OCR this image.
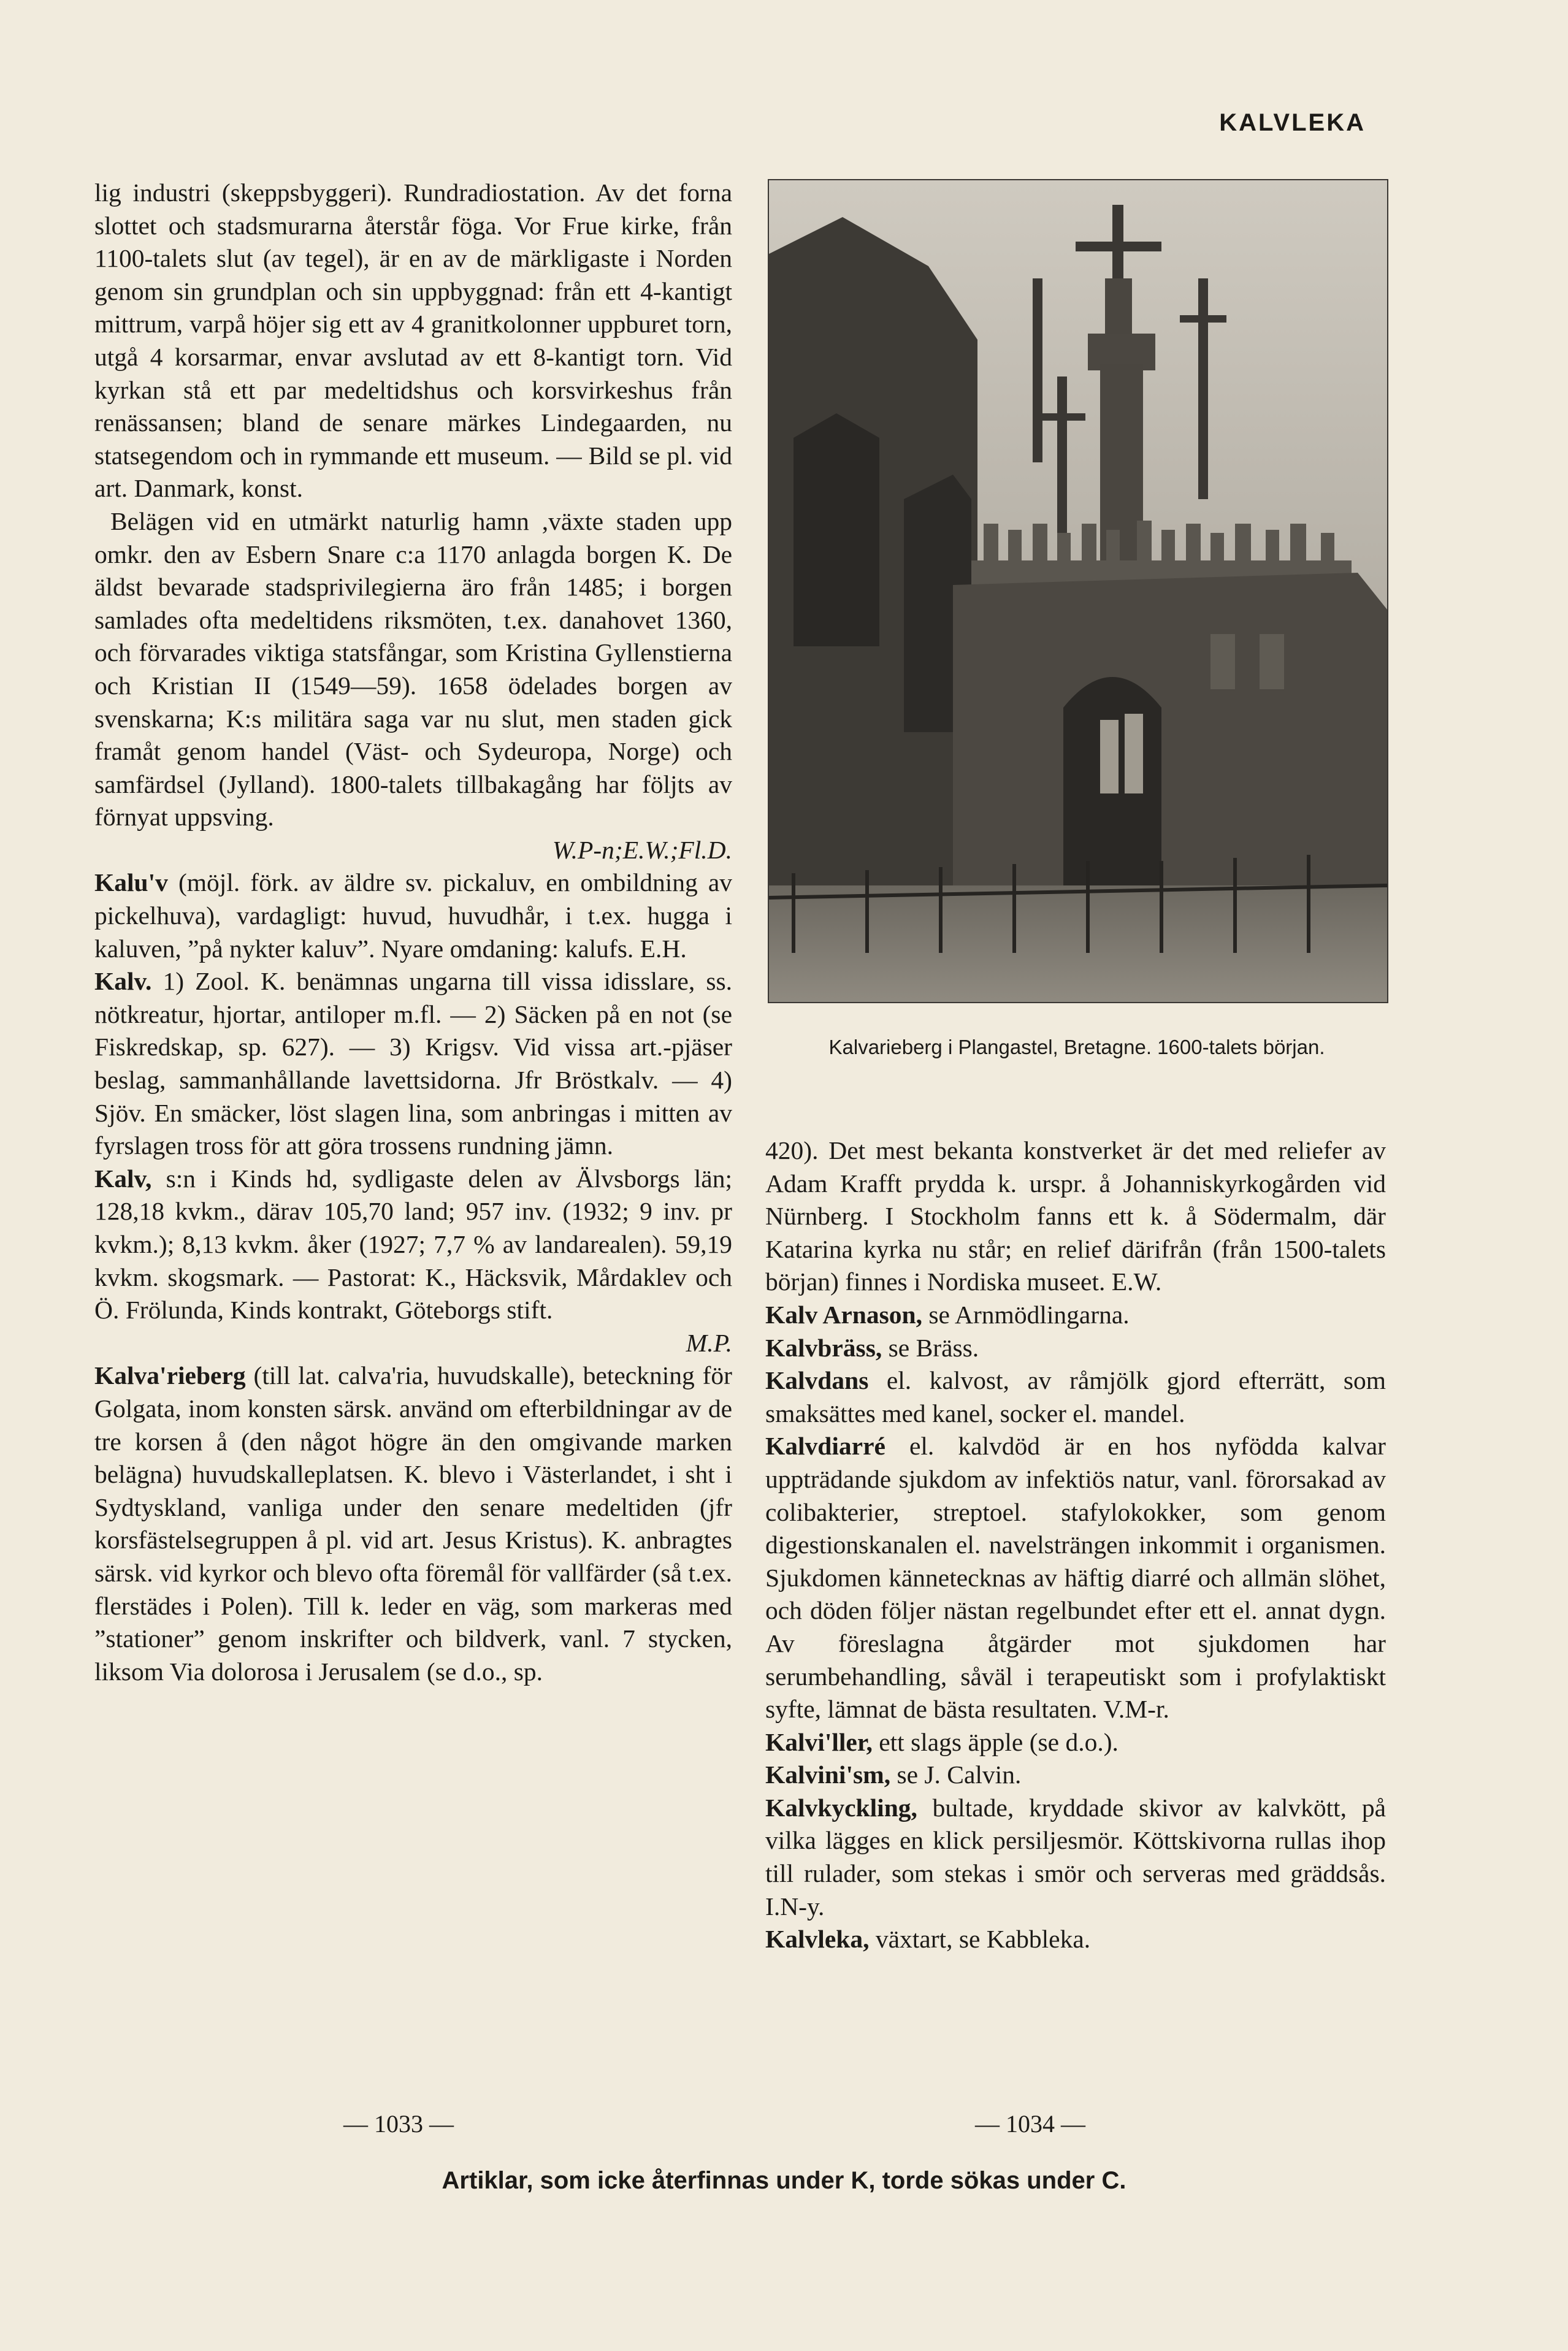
KALVLEKA

lig industri (skeppsbyggeri). Rundradiostation. Av det forna slottet och stadsmurarna återstår föga. Vor Frue kirke, från 1100-talets slut (av tegel), är en av de märkligaste i Norden genom sin grundplan och sin uppbyggnad: från ett 4-kantigt mittrum, varpå höjer sig ett av 4 granitkolonner uppburet torn, utgå 4 korsarmar, envar avslutad av ett 8-kantigt torn. Vid kyrkan stå ett par medeltidshus och korsvirkeshus från renässansen; bland de senare märkes Lindegaarden, nu statsegendom och in rymmande ett museum. — Bild se pl. vid art. Danmark, konst.

Belägen vid en utmärkt naturlig hamn ,växte staden upp omkr. den av Esbern Snare c:a 1170 anlagda borgen K. De äldst bevarade stadsprivilegierna äro från 1485; i borgen samlades ofta medeltidens riksmöten, t.ex. danahovet 1360, och förvarades viktiga statsfångar, som Kristina Gyllenstierna och Kristian II (1549—59). 1658 ödelades borgen av svenskarna; K:s militära saga var nu slut, men staden gick framåt genom handel (Väst- och Sydeuropa, Norge) och samfärdsel (Jylland). 1800-talets tillbakagång har följts av förnyat uppsving.

W.P-n;E.W.;Fl.D.

Kalu'v (möjl. förk. av äldre sv. pickaluv, en ombildning av pickelhuva), vardagligt: huvud, huvudhår, i t.ex. hugga i kaluven, ”på nykter kaluv”. Nyare omdaning: kalufs. E.H.

Kalv. 1) Zool. K. benämnas ungarna till vissa idisslare, ss. nötkreatur, hjortar, antiloper m.fl. — 2) Säcken på en not (se Fiskredskap, sp. 627). — 3) Krigsv. Vid vissa art.-pjäser beslag, sammanhållande lavettsidorna. Jfr Bröstkalv. — 4) Sjöv. En smäcker, löst slagen lina, som anbringas i mitten av fyrslagen tross för att göra trossens rundning jämn.

Kalv, s:n i Kinds hd, sydligaste delen av Älvsborgs län; 128,18 kvkm., därav 105,70 land; 957 inv. (1932; 9 inv. pr kvkm.); 8,13 kvkm. åker (1927; 7,7 % av landarealen). 59,19 kvkm. skogsmark. — Pastorat: K., Häcksvik, Mårdaklev och Ö. Frölunda, Kinds kontrakt, Göteborgs stift.

M.P.

Kalva'rieberg (till lat. calva'ria, huvudskalle), beteckning för Golgata, inom konsten särsk. använd om efterbildningar av de tre korsen å (den något högre än den omgivande marken belägna) huvudskalleplatsen. K. blevo i Västerlandet, i sht i Sydtyskland, vanliga under den senare medeltiden (jfr korsfästelsegruppen å pl. vid art. Jesus Kristus). K. anbragtes särsk. vid kyrkor och blevo ofta föremål för vallfärder (så t.ex. flerstädes i Polen). Till k. leder en väg, som markeras med ”stationer” genom inskrifter och bildverk, vanl. 7 stycken, liksom Via dolorosa i Jerusalem (se d.o., sp.

Kalvarieberg i Plangastel, Bretagne. 1600-talets början.

420). Det mest bekanta konstverket är det med reliefer av Adam Krafft prydda k. urspr. å Johanniskyrkogården vid Nürnberg. I Stockholm fanns ett k. å Södermalm, där Katarina kyrka nu står; en relief därifrån (från 1500-talets början) finnes i Nordiska museet. E.W.

Kalv Arnason, se Arnmödlingarna.

Kalvbräss, se Bräss.

Kalvdans el. kalvost, av råmjölk gjord efterrätt, som smaksättes med kanel, socker el. mandel.

Kalvdiarré el. kalvdöd är en hos nyfödda kalvar uppträdande sjukdom av infektiös natur, vanl. förorsakad av colibakterier, streptoel. stafylokokker, som genom digestionskanalen el. navelsträngen inkommit i organismen. Sjukdomen kännetecknas av häftig diarré och allmän slöhet, och döden följer nästan regelbundet efter ett el. annat dygn. Av föreslagna åtgärder mot sjukdomen har serumbehandling, såväl i terapeutiskt som i profylaktiskt syfte, lämnat de bästa resultaten. V.M-r.

Kalvi'ller, ett slags äpple (se d.o.).

Kalvini'sm, se J. Calvin.

Kalvkyckling, bultade, kryddade skivor av kalvkött, på vilka lägges en klick persiljesmör. Köttskivorna rullas ihop till rulader, som stekas i smör och serveras med gräddsås. I.N-y.

Kalvleka, växtart, se Kabbleka.

— 1033 —	— 1034 —
Artiklar, som icke återfinnas under K, torde sökas under C.
